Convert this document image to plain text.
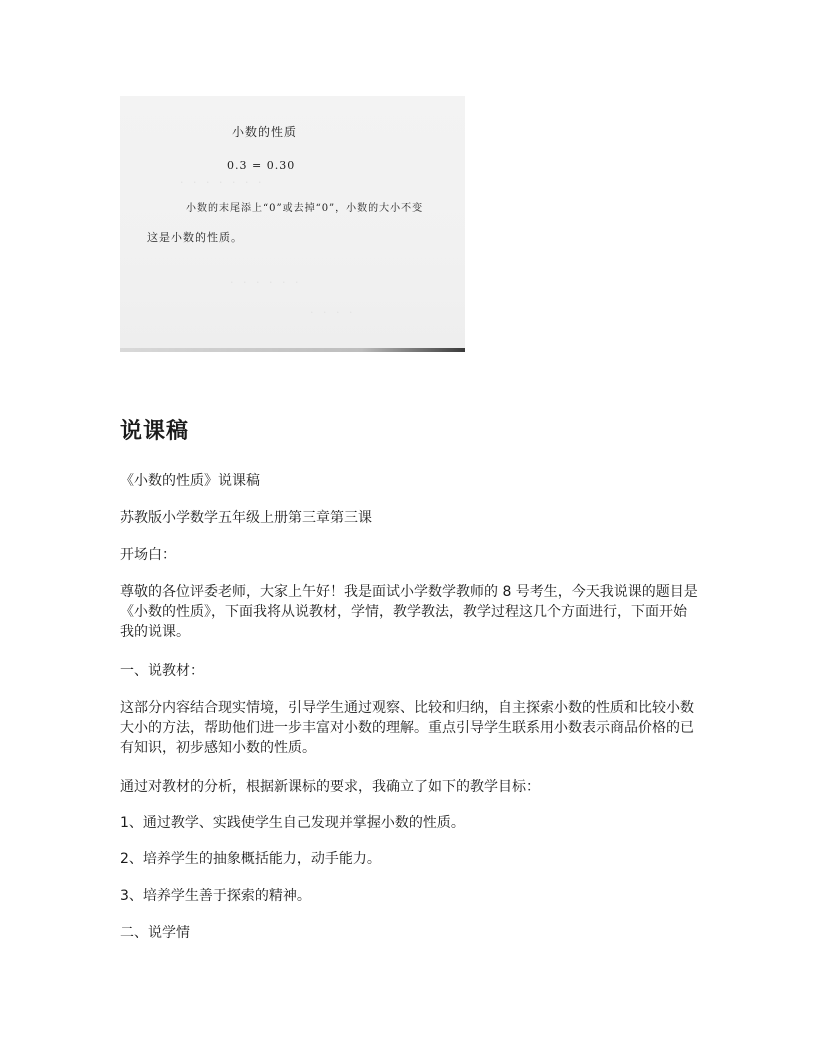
· · · · · · ·
· · · · · ·
· · · ·
小数的性质
0.3 = 0.30
小数的末尾添上“0”或去掉“0”，小数的大小不变
这是小数的性质。
说课稿

《小数的性质》说课稿

苏教版小学数学五年级上册第三章第三课

开场白：

尊敬的各位评委老师，大家上午好！我是面试小学数学教师的 8 号考生，今天我说课的题目是《小数的性质》，下面我将从说教材，学情，教学教法，教学过程这几个方面进行，下面开始我的说课。

一、说教材：

这部分内容结合现实情境，引导学生通过观察、比较和归纳，自主探索小数的性质和比较小数大小的方法，帮助他们进一步丰富对小数的理解。重点引导学生联系用小数表示商品价格的已有知识，初步感知小数的性质。

通过对教材的分析，根据新课标的要求，我确立了如下的教学目标：

1、通过教学、实践使学生自己发现并掌握小数的性质。

2、培养学生的抽象概括能力，动手能力。

3、培养学生善于探索的精神。

二、说学情
